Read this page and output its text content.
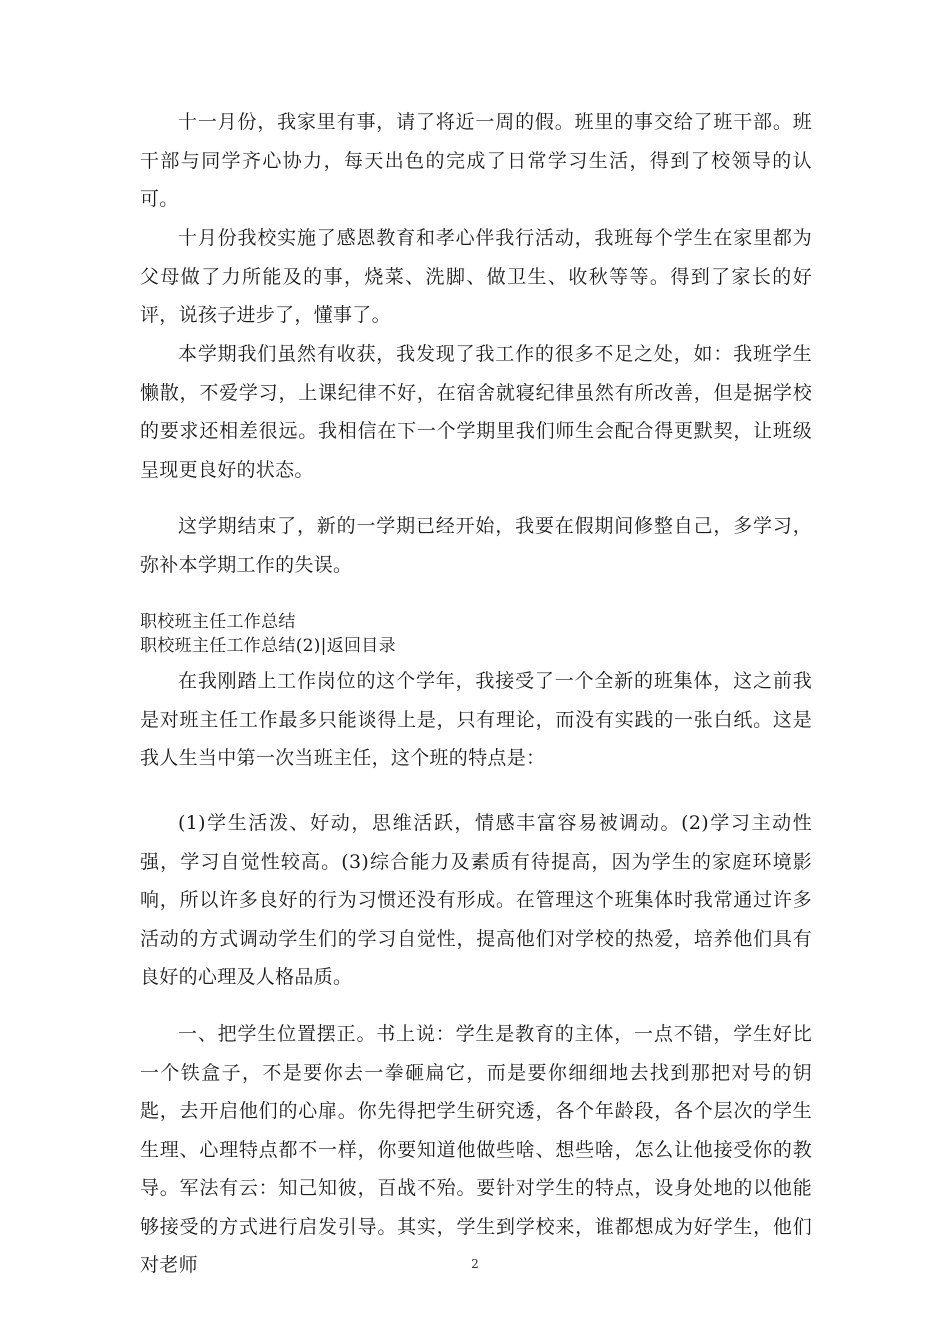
十一月份，我家里有事，请了将近一周的假。班里的事交给了班干部。班干部与同学齐心协力，每天出色的完成了日常学习生活，得到了校领导的认可。

十月份我校实施了感恩教育和孝心伴我行活动，我班每个学生在家里都为父母做了力所能及的事，烧菜、洗脚、做卫生、收秋等等。得到了家长的好评，说孩子进步了，懂事了。

本学期我们虽然有收获，我发现了我工作的很多不足之处，如：我班学生懒散，不爱学习，上课纪律不好，在宿舍就寝纪律虽然有所改善，但是据学校的要求还相差很远。我相信在下一个学期里我们师生会配合得更默契，让班级呈现更良好的状态。

这学期结束了，新的一学期已经开始，我要在假期间修整自己，多学习，弥补本学期工作的失误。

职校班主任工作总结

职校班主任工作总结(2)|返回目录

在我刚踏上工作岗位的这个学年，我接受了一个全新的班集体，这之前我是对班主任工作最多只能谈得上是，只有理论，而没有实践的一张白纸。这是我人生当中第一次当班主任，这个班的特点是：

(1)学生活泼、好动，思维活跃，情感丰富容易被调动。(2)学习主动性强，学习自觉性较高。(3)综合能力及素质有待提高，因为学生的家庭环境影响，所以许多良好的行为习惯还没有形成。在管理这个班集体时我常通过许多活动的方式调动学生们的学习自觉性，提高他们对学校的热爱，培养他们具有良好的心理及人格品质。

一、把学生位置摆正。书上说：学生是教育的主体，一点不错，学生好比一个铁盒子，不是要你去一拳砸扁它，而是要你细细地去找到那把对号的钥匙，去开启他们的心扉。你先得把学生研究透，各个年龄段，各个层次的学生生理、心理特点都不一样，你要知道他做些啥、想些啥，怎么让他接受你的教导。军法有云：知己知彼，百战不殆。要针对学生的特点，设身处地的以他能够接受的方式进行启发引导。其实，学生到学校来，谁都想成为好学生，他们对老师	2
